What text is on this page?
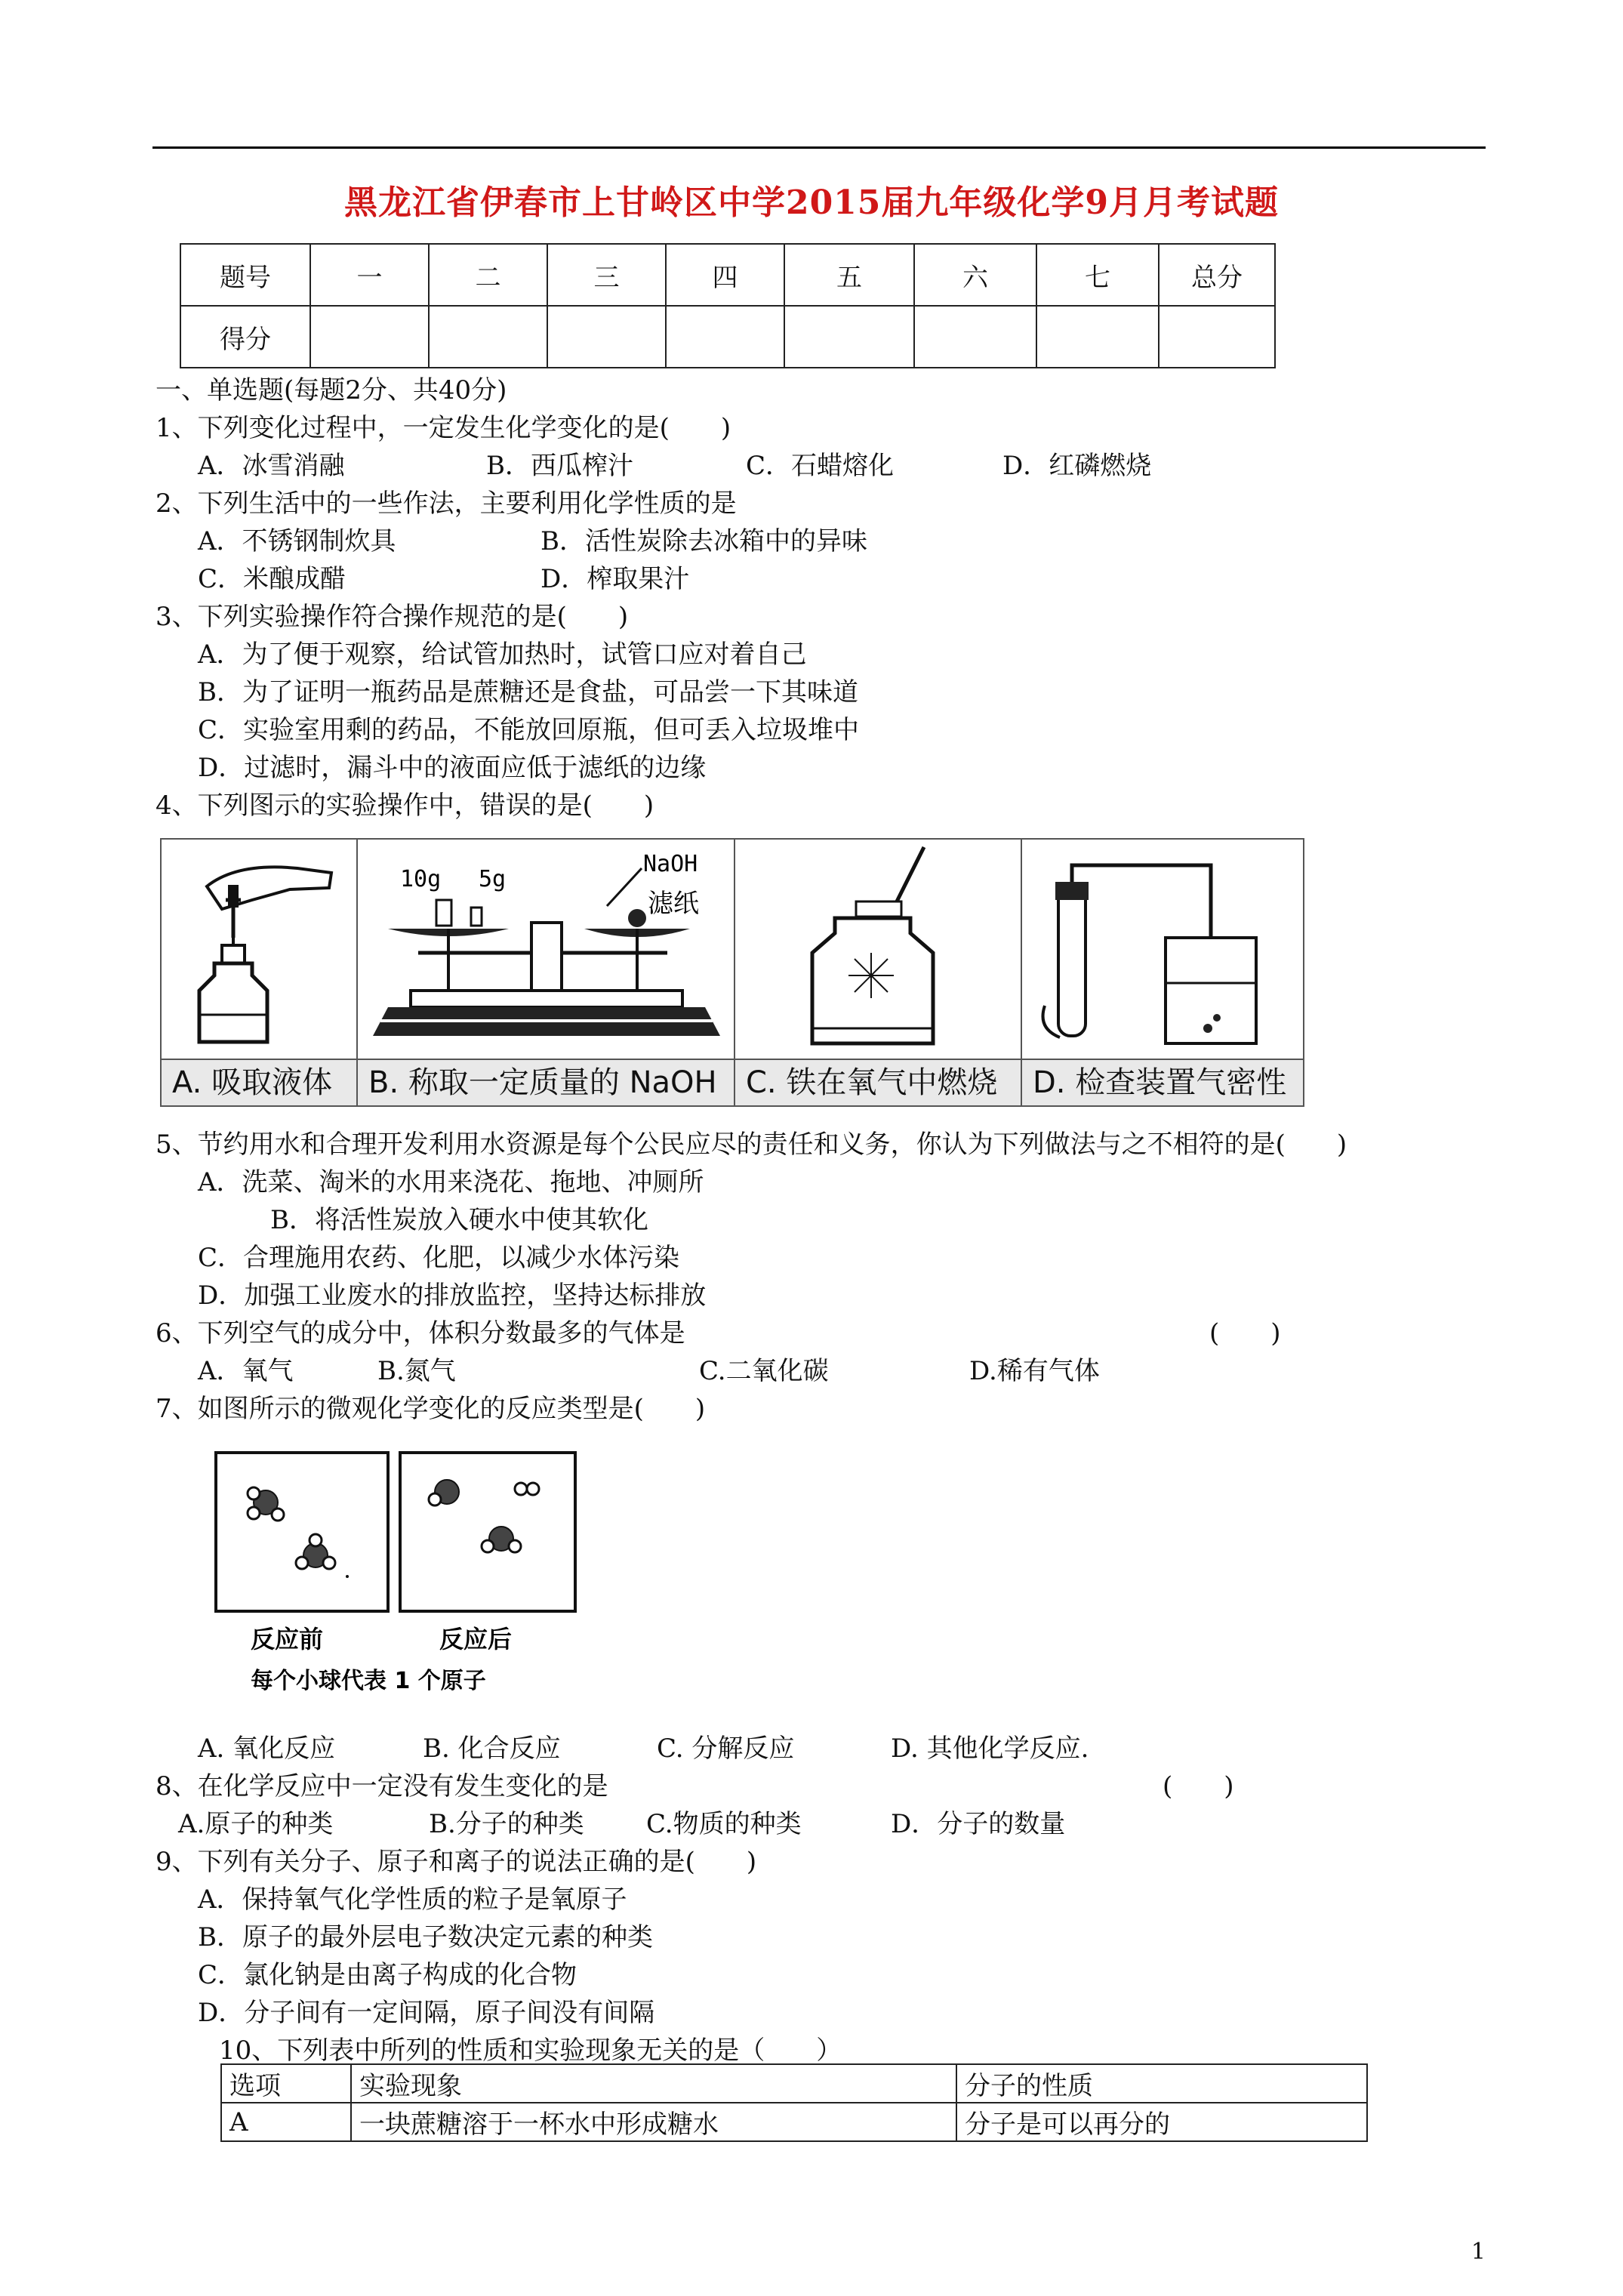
黑龙江省伊春市上甘岭区中学2015届九年级化学9月月考试题
题号	一	二	三	四	五	六	七	总分
得分								
一、单选题(每题2分、共40分)
1、下列变化过程中，一定发生化学变化的是(　　)
A．冰雪消融	B．西瓜榨汁	C．石蜡熔化	D．红磷燃烧
2、下列生活中的一些作法，主要利用化学性质的是
A．不锈钢制炊具	B．活性炭除去冰箱中的异味
C．米酿成醋	D．榨取果汁
3、下列实验操作符合操作规范的是(　　)
A．为了便于观察，给试管加热时，试管口应对着自己
B．为了证明一瓶药品是蔗糖还是食盐，可品尝一下其味道
C．实验室用剩的药品，不能放回原瓶，但可丢入垃圾堆中
D．过滤时，漏斗中的液面应低于滤纸的边缘
4、下列图示的实验操作中，错误的是(　　)
A. 吸取液体
10g 5g
NaOH
滤纸
B. 称取一定质量的 NaOH C. 铁在氧气中燃烧	D. 检查装置气密性
5、节约用水和合理开发利用水资源是每个公民应尽的责任和义务，你认为下列做法与之不相符的是(　　)
A．洗菜、淘米的水用来浇花、拖地、冲厕所
B．将活性炭放入硬水中使其软化
C．合理施用农药、化肥，以减少水体污染
D．加强工业废水的排放监控，坚持达标排放
6、下列空气的成分中，体积分数最多的气体是	(　　)
A．氧气	B.氮气	C.二氧化碳	D.稀有气体
7、如图所示的微观化学变化的反应类型是(　　)
反应前	反应后
每个小球代表 1 个原子
A. 氧化反应	B. 化合反应	C. 分解反应	D. 其他化学反应.
8、在化学反应中一定没有发生变化的是	(　　)
A.原子的种类	B.分子的种类 C.物质的种类	D．分子的数量
9、下列有关分子、原子和离子的说法正确的是(　　)
A．保持氧气化学性质的粒子是氧原子
B．原子的最外层电子数决定元素的种类
C．氯化钠是由离子构成的化合物
D．分子间有一定间隔，原子间没有间隔
10、下列表中所列的性质和实验现象无关的是（　　）
选项	实验现象	分子的性质
A	一块蔗糖溶于一杯水中形成糖水	分子是可以再分的
1
